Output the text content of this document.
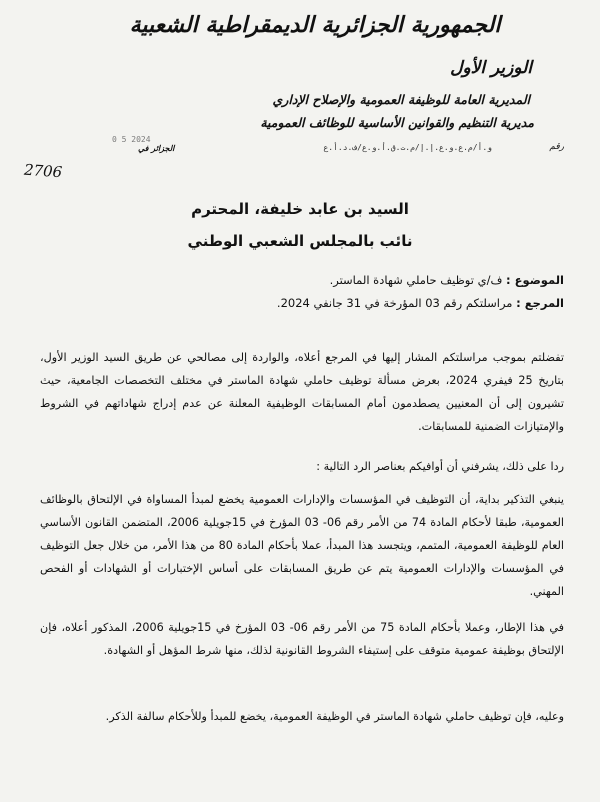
الجمهورية الجزائرية الديمقراطية الشعبية
الوزير الأول
المديرية العامة للوظيفة العمومية والإصلاح الإداري
مديرية التنظيم والقوانين الأساسية للوظائف العمومية
رقم
و.أ/م.ع.و.ع.إ.إ/م.ت.ق.أ.و.ع/ف.د.أ.ع
الجزائر في
0 5 2024
2706
السيد بن عابد خليفة، المحترم
نائب بالمجلس الشعبي الوطني
الموضوع : ف/ي توظيف حاملي شهادة الماستر.
المرجع : مراسلتكم رقم 03 المؤرخة في 31 جانفي 2024.
تفضلتم بموجب مراسلتكم المشار إليها في المرجع أعلاه، والواردة إلى مصالحي عن طريق السيد الوزير الأول، بتاريخ 25 فيفري 2024، بعرض مسألة توظيف حاملي شهادة الماستر في مختلف التخصصات الجامعية، حيث تشيرون إلى أن المعنيين يصطدمون أمام المسابقات الوظيفية المعلنة عن عدم إدراج شهاداتهم في الشروط والإمتيازات الضمنية للمسابقات.
ردا على ذلك، يشرفني أن أوافيكم بعناصر الرد التالية :
ينبغي التذكير بداية، أن التوظيف في المؤسسات والإدارات العمومية يخضع لمبدأ المساواة في الإلتحاق بالوظائف العمومية، طبقا لأحكام المادة 74 من الأمر رقم 06- 03 المؤرخ في 15جويلية 2006، المتضمن القانون الأساسي العام للوظيفة العمومية، المتمم، ويتجسد هذا المبدأ، عملا بأحكام المادة 80 من هذا الأمر، من خلال جعل التوظيف في المؤسسات والإدارات العمومية يتم عن طريق المسابقات على أساس الإختبارات أو الشهادات أو الفحص المهني.
في هذا الإطار، وعملا بأحكام المادة 75 من الأمر رقم 06- 03 المؤرخ في 15جويلية 2006، المذكور أعلاه، فإن الإلتحاق بوظيفة عمومية متوقف على إستيفاء الشروط القانونية لذلك، منها شرط المؤهل أو الشهادة.
وعليه، فإن توظيف حاملي شهادة الماستر في الوظيفة العمومية، يخضع للمبدأ وللأحكام سالفة الذكر.
